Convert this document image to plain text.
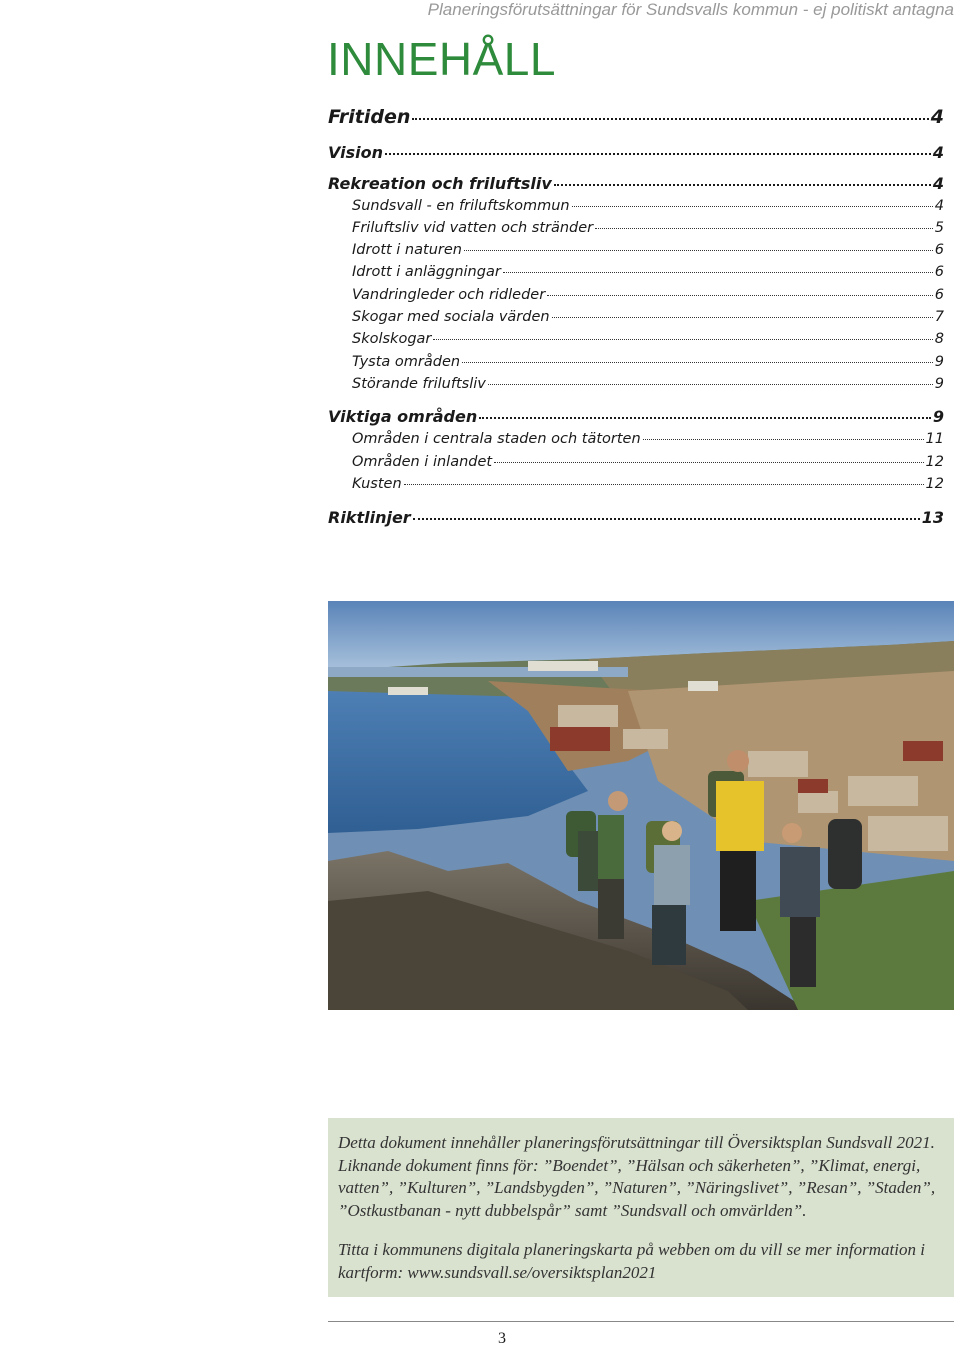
Planeringsförutsättningar för Sundsvalls kommun - ej politiskt antagna
INNEHÅLL
Fritiden	4
Vision	4
Rekreation och friluftsliv	4
Sundsvall - en friluftskommun	4
Friluftsliv vid vatten och stränder	5
Idrott i naturen	6
Idrott i anläggningar	6
Vandringleder och ridleder	6
Skogar med sociala värden	7
Skolskogar	8
Tysta områden	9
Störande friluftsliv	9
Viktiga områden	9
Områden i centrala staden och tätorten	11
Områden i inlandet	12
Kusten	12
Riktlinjer	13

Detta dokument innehåller planeringsförutsättningar till Översiktsplan Sundsvall 2021. Liknande dokument finns för: ”Boendet”, ”Hälsan och säkerheten”, ”Klimat, energi, vatten”, ”Kulturen”, ”Landsbygden”, ”Naturen”, ”Näringslivet”, ”Resan”, ”Staden”, ”Ostkustbanan - nytt dubbelspår” samt ”Sundsvall och omvärlden”.

Titta i kommunens digitala planeringskarta på webben om du vill se mer information i kartform: www.sundsvall.se/oversiktsplan2021

3
